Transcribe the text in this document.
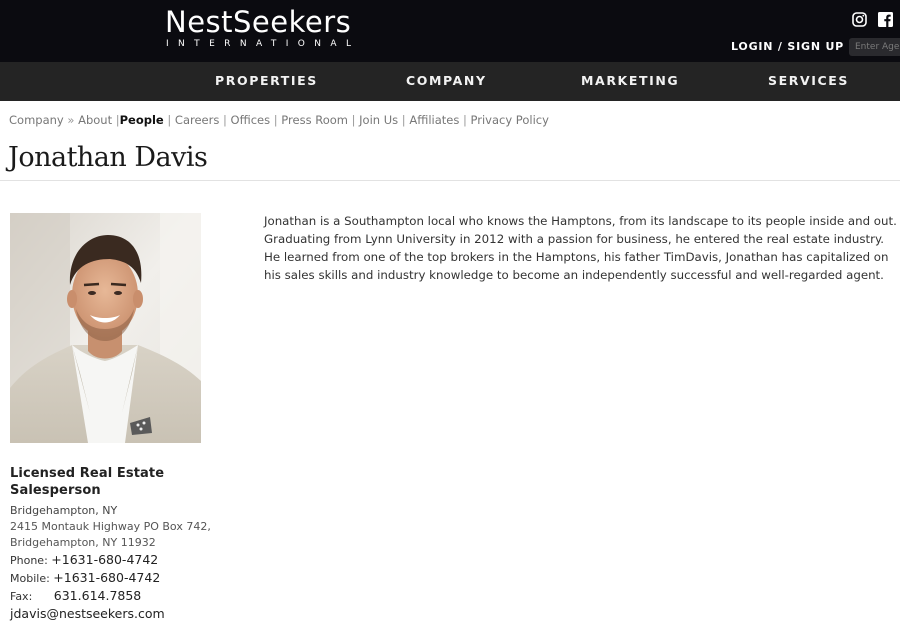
NestSeekers
INTERNATIONAL	LOGIN / SIGN UP
Enter Agent
PROPERTIES	COMPANY	MARKETING	SERVICES
Company » About |People | Careers | Offices | Press Room | Join Us | Affiliates | Privacy Policy
Jonathan Davis

Jonathan is a Southampton local who knows the Hamptons, from its landscape to its people inside and out. Graduating from Lynn University in 2012 with a passion for business, he entered the real estate industry. He learned from one of the top brokers in the Hamptons, his father TimDavis, Jonathan has capitalized on his sales skills and industry knowledge to become an independently successful and well-regarded agent.

Licensed Real Estate Salesperson
Bridgehampton, NY
2415 Montauk Highway PO Box 742,
Bridgehampton, NY 11932
Phone: +1631-680-4742
Mobile: +1631-680-4742
Fax: 631.614.7858
jdavis@nestseekers.com
